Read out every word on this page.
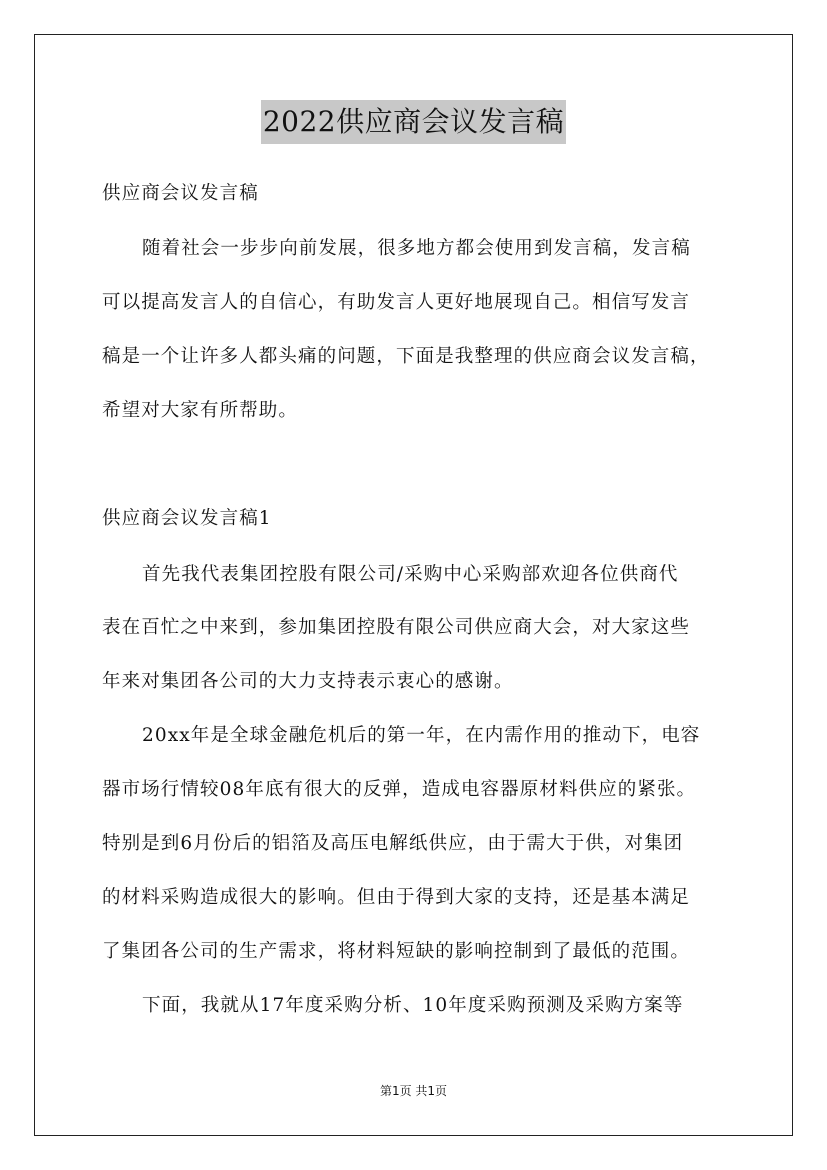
2022供应商会议发言稿
供应商会议发言稿
随着社会一步步向前发展，很多地方都会使用到发言稿，发言稿
可以提高发言人的自信心，有助发言人更好地展现自己。相信写发言
稿是一个让许多人都头痛的问题，下面是我整理的供应商会议发言稿，
希望对大家有所帮助。
供应商会议发言稿1
首先我代表集团控股有限公司/采购中心采购部欢迎各位供商代
表在百忙之中来到，参加集团控股有限公司供应商大会，对大家这些
年来对集团各公司的大力支持表示衷心的感谢。
20xx年是全球金融危机后的第一年，在内需作用的推动下，电容
器市场行情较08年底有很大的反弹，造成电容器原材料供应的紧张。
特别是到6月份后的铝箔及高压电解纸供应，由于需大于供，对集团
的材料采购造成很大的影响。但由于得到大家的支持，还是基本满足
了集团各公司的生产需求，将材料短缺的影响控制到了最低的范围。
下面，我就从17年度采购分析、10年度采购预测及采购方案等
第1页 共1页
